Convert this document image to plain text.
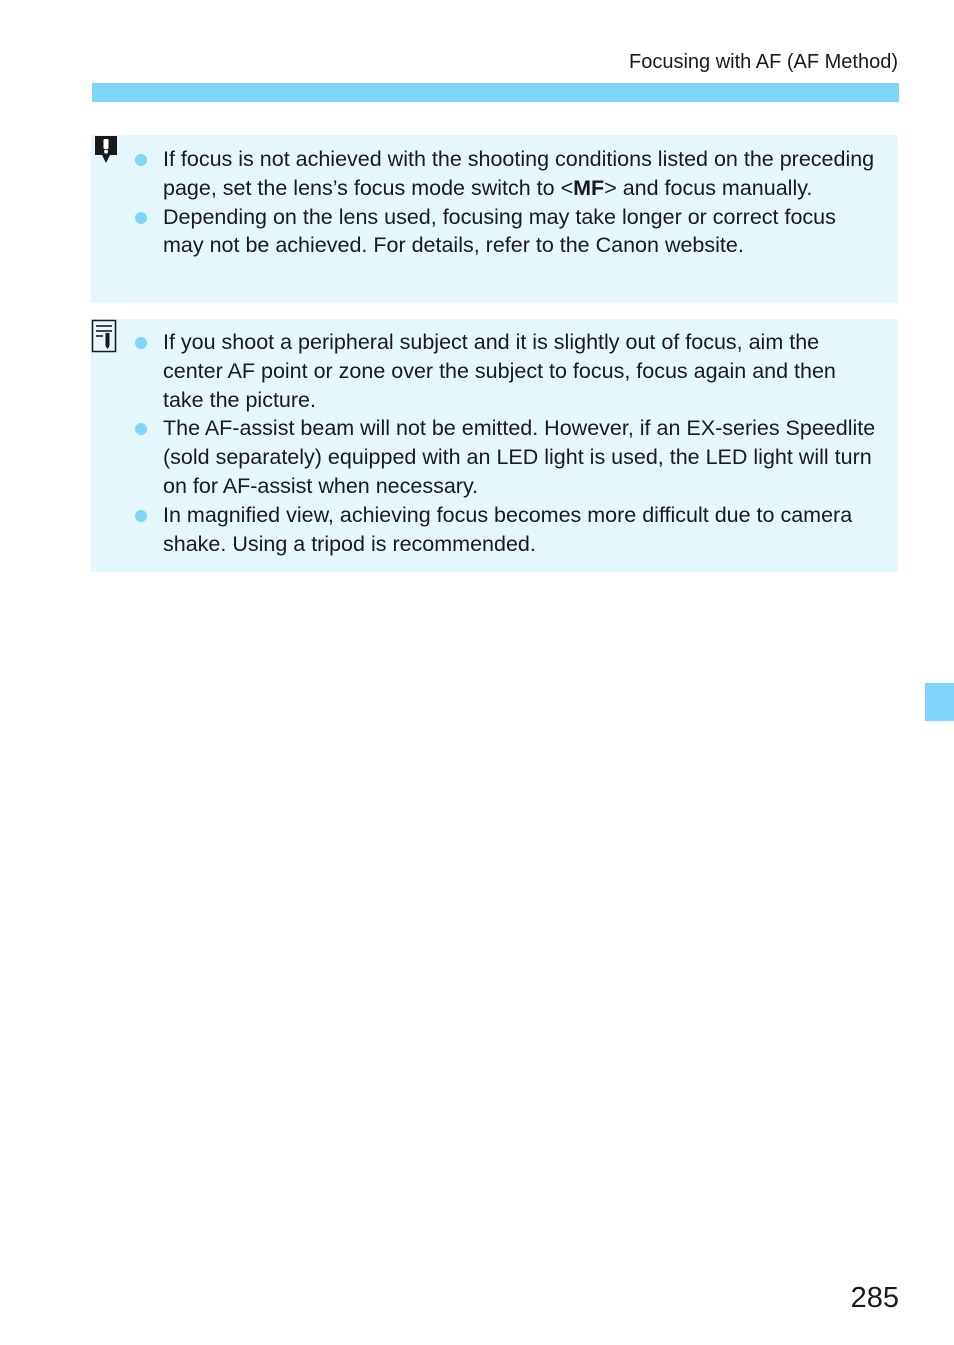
Focusing with AF (AF Method)
If focus is not achieved with the shooting conditions listed on the preceding page, set the lens’s focus mode switch to <MF> and focus manually.
Depending on the lens used, focusing may take longer or correct focus may not be achieved. For details, refer to the Canon website.
If you shoot a peripheral subject and it is slightly out of focus, aim the center AF point or zone over the subject to focus, focus again and then take the picture.
The AF-assist beam will not be emitted. However, if an EX-series Speedlite (sold separately) equipped with an LED light is used, the LED light will turn on for AF-assist when necessary.
In magnified view, achieving focus becomes more difficult due to camera shake. Using a tripod is recommended.
285
